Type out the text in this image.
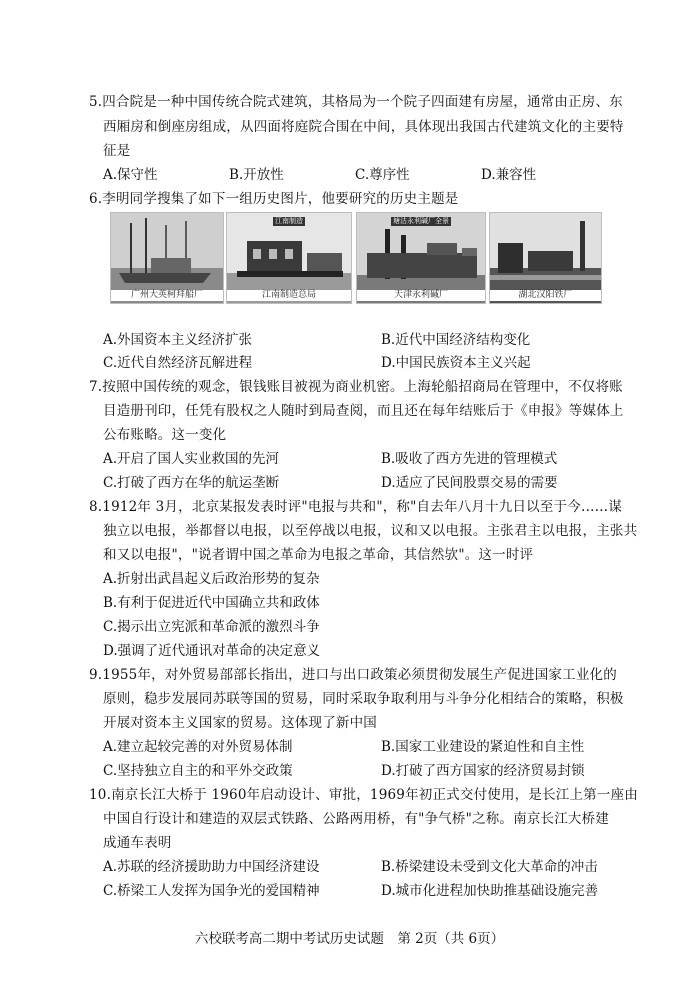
5.四合院是一种中国传统合院式建筑，其格局为一个院子四面建有房屋，通常由正房、东
西厢房和倒座房组成，从四面将庭院合围在中间，具体现出我国古代建筑文化的主要特
征是
A.保守性	B.开放性	C.尊序性	D.兼容性
6.李明同学搜集了如下一组历史图片，他要研究的历史主题是
广州大英柯拜船厂
江南制造
江南制造总局
塘沽永利碱厂全景
天津永利碱厂	湖北汉阳铁厂
A.外国资本主义经济扩张	B.近代中国经济结构变化
C.近代自然经济瓦解进程	D.中国民族资本主义兴起
7.按照中国传统的观念，银钱账目被视为商业机密。上海轮船招商局在管理中，不仅将账
目造册刊印，任凭有股权之人随时到局查阅，而且还在每年结账后于《申报》等媒体上
公布账略。这一变化
A.开启了国人实业救国的先河	B.吸收了西方先进的管理模式
C.打破了西方在华的航运垄断	D.适应了民间股票交易的需要
8.1912年 3月，北京某报发表时评"电报与共和"，称"自去年八月十九日以至于今……谋
独立以电报，举都督以电报，以至停战以电报，议和又以电报。主张君主以电报，主张共
和又以电报"，"说者谓中国之革命为电报之革命，其信然欤"。这一时评
A.折射出武昌起义后政治形势的复杂
B.有利于促进近代中国确立共和政体
C.揭示出立宪派和革命派的激烈斗争
D.强调了近代通讯对革命的决定意义
9.1955年，对外贸易部部长指出，进口与出口政策必须贯彻发展生产促进国家工业化的
原则，稳步发展同苏联等国的贸易，同时采取争取利用与斗争分化相结合的策略，积极
开展对资本主义国家的贸易。这体现了新中国
A.建立起较完善的对外贸易体制	B.国家工业建设的紧迫性和自主性
C.坚持独立自主的和平外交政策	D.打破了西方国家的经济贸易封锁
10.南京长江大桥于 1960年启动设计、审批，1969年初正式交付使用，是长江上第一座由
中国自行设计和建造的双层式铁路、公路两用桥，有"争气桥"之称。南京长江大桥建
成通车表明
A.苏联的经济援助助力中国经济建设	B.桥梁建设未受到文化大革命的冲击
C.桥梁工人发挥为国争光的爱国精神	D.城市化进程加快助推基础设施完善
六校联考高二期中考试历史试题　第 2页（共 6页）
